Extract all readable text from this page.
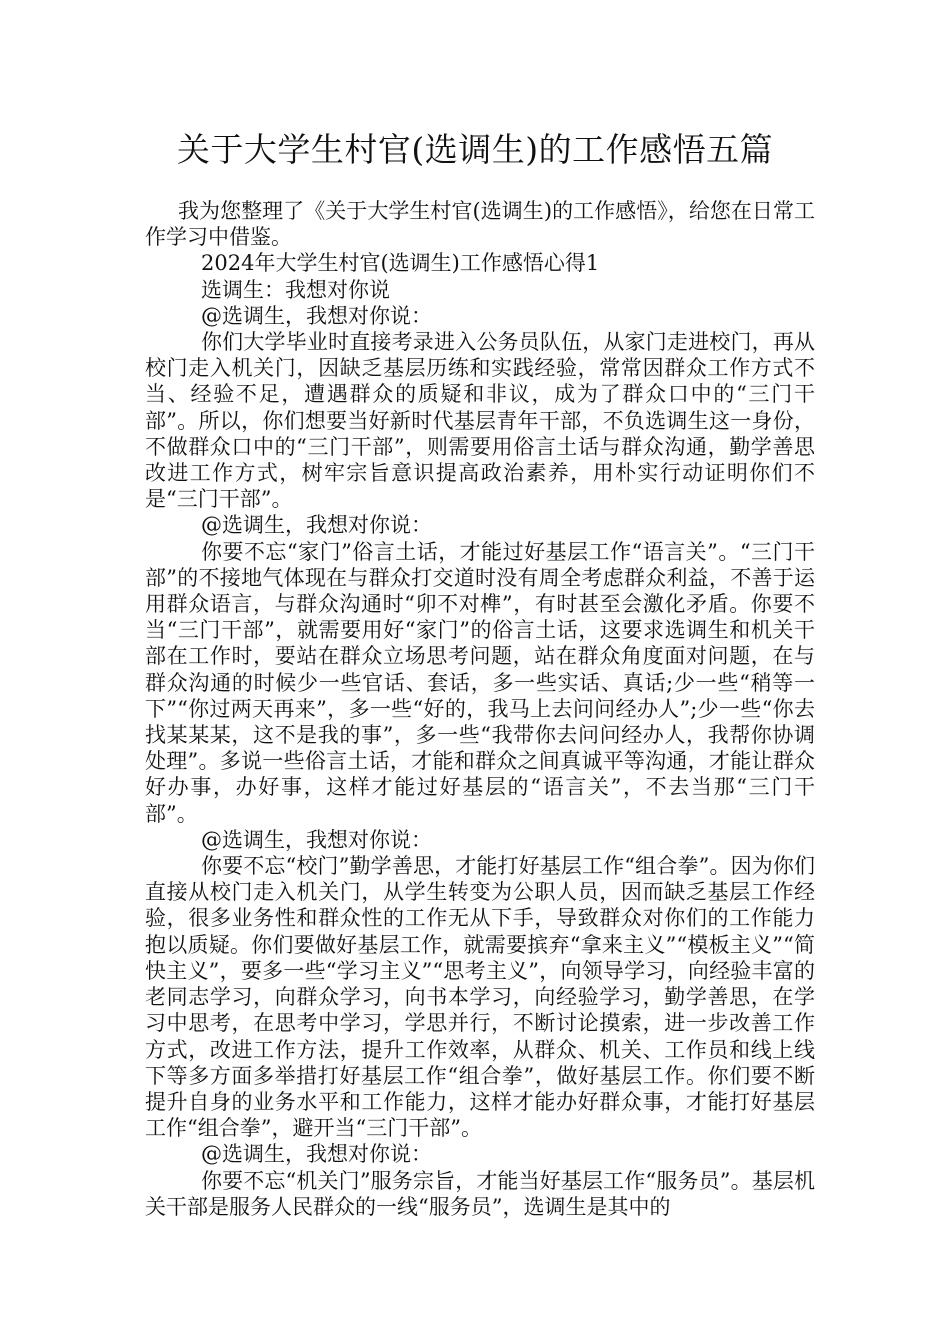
关于大学生村官(选调生)的工作感悟五篇

我为您整理了《关于大学生村官(选调生)的工作感悟》，给您在日常工作学习中借鉴。

2024年大学生村官(选调生)工作感悟心得1

选调生：我想对你说

@选调生，我想对你说：

你们大学毕业时直接考录进入公务员队伍，从家门走进校门，再从校门走入机关门，因缺乏基层历练和实践经验，常常因群众工作方式不当、经验不足，遭遇群众的质疑和非议，成为了群众口中的“三门干部”。所以，你们想要当好新时代基层青年干部，不负选调生这一身份，不做群众口中的“三门干部”，则需要用俗言土话与群众沟通，勤学善思改进工作方式，树牢宗旨意识提高政治素养，用朴实行动证明你们不是“三门干部”。

@选调生，我想对你说：

你要不忘“家门”俗言土话，才能过好基层工作“语言关”。“三门干部”的不接地气体现在与群众打交道时没有周全考虑群众利益，不善于运用群众语言，与群众沟通时“卯不对榫”，有时甚至会激化矛盾。你要不当“三门干部”，就需要用好“家门”的俗言土话，这要求选调生和机关干部在工作时，要站在群众立场思考问题，站在群众角度面对问题，在与群众沟通的时候少一些官话、套话，多一些实话、真话;少一些“稍等一下”“你过两天再来”，多一些“好的，我马上去问问经办人”;少一些“你去找某某某，这不是我的事”，多一些“我带你去问问经办人，我帮你协调处理”。多说一些俗言土话，才能和群众之间真诚平等沟通，才能让群众好办事，办好事，这样才能过好基层的“语言关”，不去当那“三门干部”。

@选调生，我想对你说：

你要不忘“校门”勤学善思，才能打好基层工作“组合拳”。因为你们直接从校门走入机关门，从学生转变为公职人员，因而缺乏基层工作经验，很多业务性和群众性的工作无从下手，导致群众对你们的工作能力抱以质疑。你们要做好基层工作，就需要摈弃“拿来主义”“模板主义”“简快主义”，要多一些“学习主义”“思考主义”，向领导学习，向经验丰富的老同志学习，向群众学习，向书本学习，向经验学习，勤学善思，在学习中思考，在思考中学习，学思并行，不断讨论摸索，进一步改善工作方式，改进工作方法，提升工作效率，从群众、机关、工作员和线上线下等多方面多举措打好基层工作“组合拳”，做好基层工作。你们要不断提升自身的业务水平和工作能力，这样才能办好群众事，才能打好基层工作“组合拳”，避开当“三门干部”。

@选调生，我想对你说：

你要不忘“机关门”服务宗旨，才能当好基层工作“服务员”。基层机关干部是服务人民群众的一线“服务员”，选调生是其中的
